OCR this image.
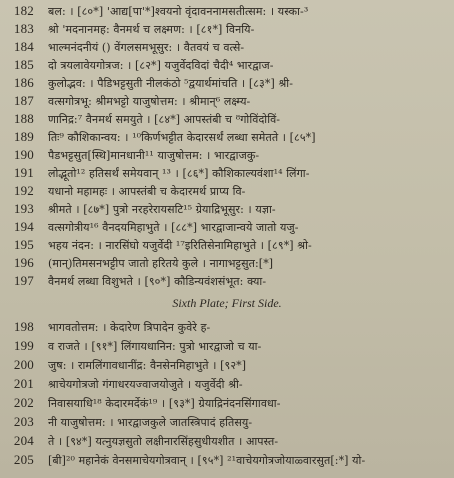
182 बल: । [८०*] 'आद्य[पा'*]श्वयनो वृंदावननामसतीत्सम: । यस्का-³
183 श्रो 'मदनानमह: वैनमर्थ च लक्ष्मण: । [८१*] विनयि-
184 भाल्मनंदनीयं () वेंगलसमभूसुर: । वैतवयं च वत्से-
185 दो त्रयलावेयगोत्रज: । [८२*] यजुर्वेदविदां चैदी⁴ भारद्वाज-
186 कुलोद्भव: । पैडिभट्टसुती नीलकंठो ⁵द्वयार्थमांचति । [८३*] श्री-
187 वत्सगोत्रभू: श्रीमभट्टो याजुषोत्तम: । श्रीमान्⁶ लक्ष्म्य-
188 णानिद्र:⁷ वैनमर्थ समयुते । [८४*] आपस्तंबी च ⁸गोविंदोविं-
189 तिः⁹ कौशिकान्वय: । ¹⁰किर्णभट्टीत केदारसर्थं लब्धा समेतते । [८५*]
190 पैडभट्टसुत[स्थि]मानधानी¹¹ याजुषोत्तम: । भारद्वाजकु-
191 लोद्भूतो¹² हतिसर्थं समेयवान् ¹³ । [८६*] कौशिकाल्यवंशा¹⁴ लिंगा-
192 यधानो महामहः । आपस्तंबी च केदारमर्थ प्राप्य वि-
193 श्रीमते । [८७*] पुत्रो नरहरेरायसटि¹⁵ ग्रेयाद्रिभूसुर: । यज्ञा-
194 वत्सगोत्रीय¹⁶ वैनदयमिहाभुते । [८८*] भारद्वाजान्वये जातो यजु-
195 भहय नंदन: । नारसिंघो यजुर्वेदी ¹⁷इरितिसेनामिहाभुते । [८९*] श्रो-
196 (मान्)तिमसनभट्टीप जातो हरितये कुले । नागाभट्टसुत:[*]
197 वैनमर्थ लब्धा विशुभते । [९०*] कौडिन्यवंशसंभूत: क्या-
Sixth Plate; First Side.
198 भागवतोत्तम: । केदारेण त्रिपादेन कुवेरे ह-
199 व राजते । [९१*] लिंगायधानिन: पुत्रो भारद्वाजो च या-
200 जुष: । रामलिंगावधानींद्र: वैनसेनमिहाभुते । [९२*]
201 श्राचेयगोत्रजो गंगाधरयज्वाजयोजुते । यजुर्वेदी श्री-
202 निवासयाधि¹⁸ केदारमर्देकं¹⁹ । [९३*] ग्रेयाद्रिनंदनसिंगावधा-
203 नी याजुषोत्तम: । भारद्वाजकुले जातस्त्रिपादं हतिसयु-
204 ते । [९४*] यत्नुयज्ञसुतो लक्षीनारसिंहसुधीयशीत । आपस्त-
205 [बी]²⁰ महानेकं वेनसमाचेयगोत्रवान् । [९५*] ²¹वाचेयगोत्रजोयाळ्वारसुत[:*] यो-
